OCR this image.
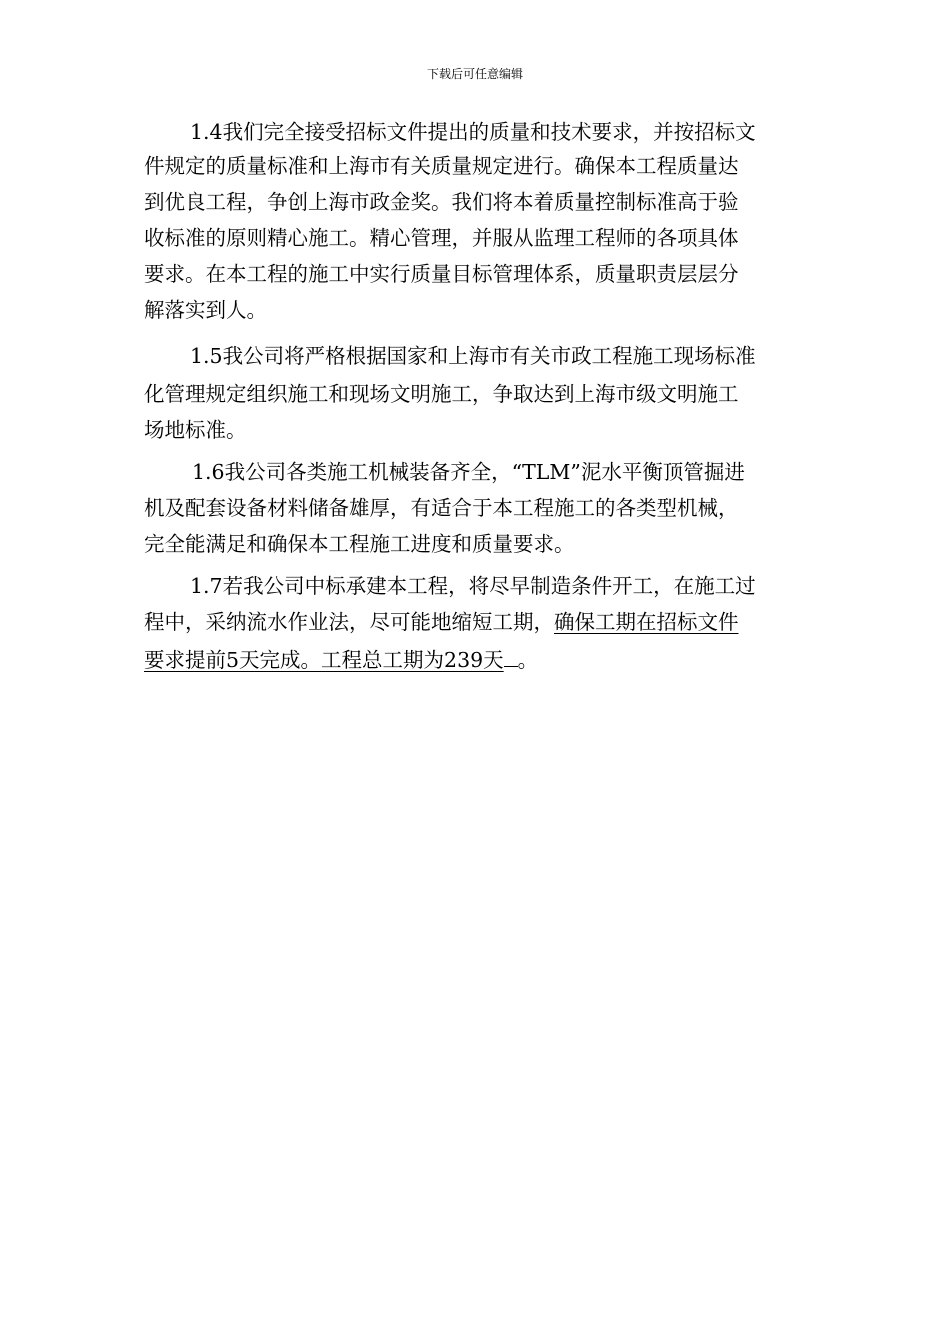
下载后可任意编辑
1.4我们完全接受招标文件提出的质量和技术要求，并按招标文
件规定的质量标准和上海市有关质量规定进行。确保本工程质量达
到优良工程，争创上海市政金奖。我们将本着质量控制标准高于验
收标准的原则精心施工。精心管理，并服从监理工程师的各项具体
要求。在本工程的施工中实行质量目标管理体系，质量职责层层分
解落实到人。
1.5我公司将严格根据国家和上海市有关市政工程施工现场标准
化管理规定组织施工和现场文明施工，争取达到上海市级文明施工
场地标准。
1.6我公司各类施工机械装备齐全，“TLM”泥水平衡顶管掘进
机及配套设备材料储备雄厚，有适合于本工程施工的各类型机械，
完全能满足和确保本工程施工进度和质量要求。
1.7若我公司中标承建本工程，将尽早制造条件开工，在施工过
程中，采纳流水作业法，尽可能地缩短工期，确保工期在招标文件
要求提前5天完成。工程总工期为239天 。
